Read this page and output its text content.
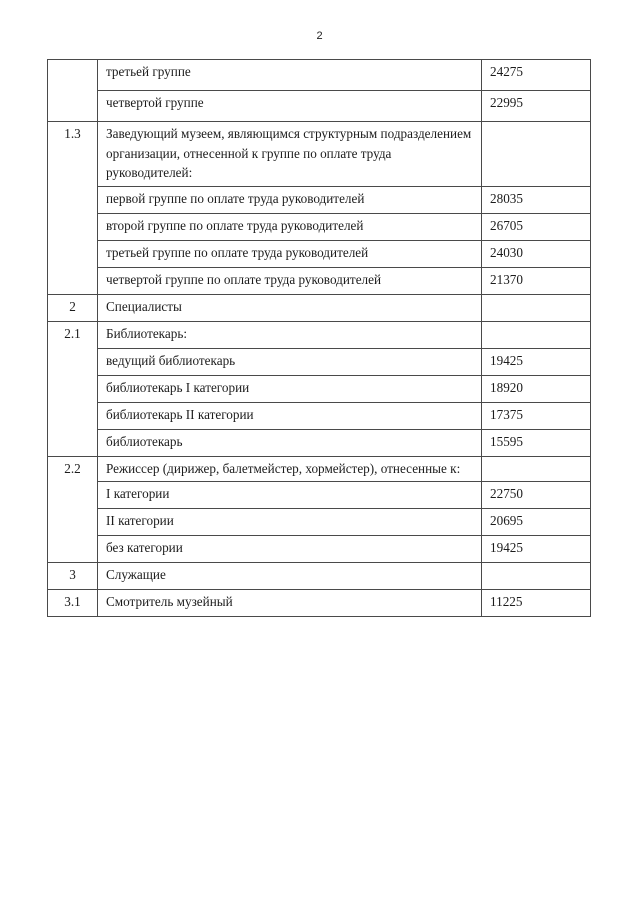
2
	третьей группе	24275
	четвертой группе	22995
1.3	Заведующий музеем, являющимся структурным подразделением организации, отнесенной к группе по оплате труда руководителей:	
	первой группе по оплате труда руководителей	28035
	второй группе по оплате труда руководителей	26705
	третьей группе по оплате труда руководителей	24030
	четвертой группе по оплате труда руководителей	21370
2	Специалисты	
2.1	Библиотекарь:	
	ведущий библиотекарь	19425
	библиотекарь I категории	18920
	библиотекарь II категории	17375
	библиотекарь	15595
2.2	Режиссер (дирижер, балетмейстер, хормейстер), отнесенные к:	
	I категории	22750
	II категории	20695
	без категории	19425
3	Служащие	
3.1	Смотритель музейный	11225
